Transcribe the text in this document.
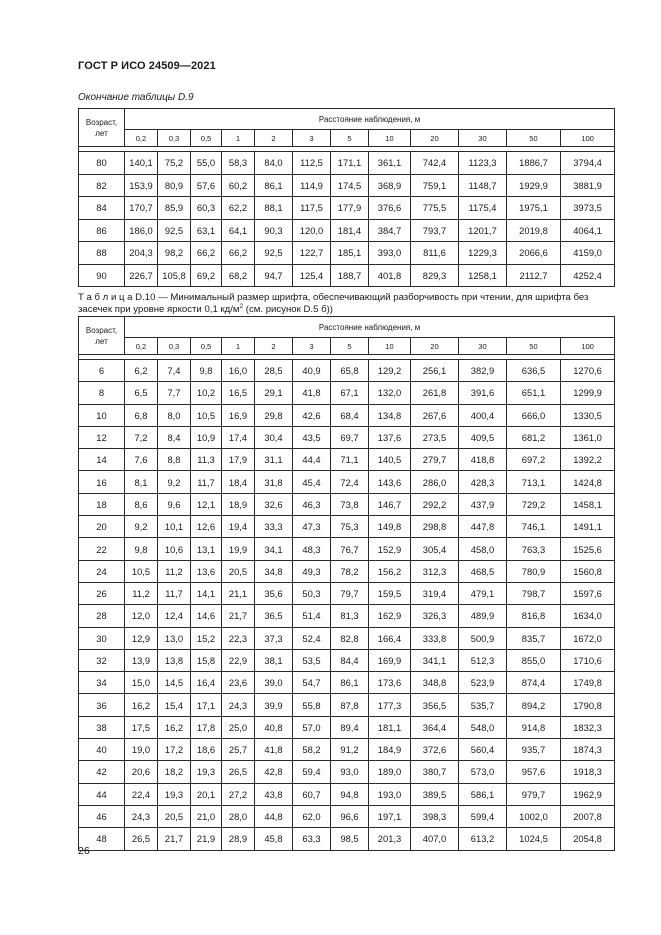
ГОСТ Р ИСО 24509—2021
Окончание таблицы D.9
Возраст,
лет	Расстояние наблюдения, м											
	0,2	0,3	0,5	1	2	3	5	10	20	30	50	100

80	140,1	75,2	55,0	58,3	84,0	112,5	171,1	361,1	742,4	1123,3	1886,7	3794,4
82	153,9	80,9	57,6	60,2	86,1	114,9	174,5	368,9	759,1	1148,7	1929,9	3881,9
84	170,7	85,9	60,3	62,2	88,1	117,5	177,9	376,6	775,5	1175,4	1975,1	3973,5
86	186,0	92,5	63,1	64,1	90,3	120,0	181,4	384,7	793,7	1201,7	2019,8	4064,1
88	204,3	98,2	66,2	66,2	92,5	122,7	185,1	393,0	811,6	1229,3	2066,6	4159,0
90	226,7	105,8	69,2	68,2	94,7	125,4	188,7	401,8	829,3	1258,1	2112,7	4252,4
Т а б л и ц а D.10 — Минимальный размер шрифта, обеспечивающий разборчивость при чтении, для шрифта без засечек при уровне яркости 0,1 $кд/м^2$ (см. рисунок D.5 б))
Возраст,
лет	Расстояние наблюдения, м											
	0,2	0,3	0,5	1	2	3	5	10	20	30	50	100

6	6,2	7,4	9,8	16,0	28,5	40,9	65,8	129,2	256,1	382,9	636,5	1270,6
8	6,5	7,7	10,2	16,5	29,1	41,8	67,1	132,0	261,8	391,6	651,1	1299,9
10	6,8	8,0	10,5	16,9	29,8	42,6	68,4	134,8	267,6	400,4	666,0	1330,5
12	7,2	8,4	10,9	17,4	30,4	43,5	69,7	137,6	273,5	409,5	681,2	1361,0
14	7,6	8,8	11,3	17,9	31,1	44,4	71,1	140,5	279,7	418,8	697,2	1392,2
16	8,1	9,2	11,7	18,4	31,8	45,4	72,4	143,6	286,0	428,3	713,1	1424,8
18	8,6	9,6	12,1	18,9	32,6	46,3	73,8	146,7	292,2	437,9	729,2	1458,1
20	9,2	10,1	12,6	19,4	33,3	47,3	75,3	149,8	298,8	447,8	746,1	1491,1
22	9,8	10,6	13,1	19,9	34,1	48,3	76,7	152,9	305,4	458,0	763,3	1525,6
24	10,5	11,2	13,6	20,5	34,8	49,3	78,2	156,2	312,3	468,5	780,9	1560,8
26	11,2	11,7	14,1	21,1	35,6	50,3	79,7	159,5	319,4	479,1	798,7	1597,6
28	12,0	12,4	14,6	21,7	36,5	51,4	81,3	162,9	326,3	489,9	816,8	1634,0
30	12,9	13,0	15,2	22,3	37,3	52,4	82,8	166,4	333,8	500,9	835,7	1672,0
32	13,9	13,8	15,8	22,9	38,1	53,5	84,4	169,9	341,1	512,3	855,0	1710,6
34	15,0	14,5	16,4	23,6	39,0	54,7	86,1	173,6	348,8	523,9	874,4	1749,8
36	16,2	15,4	17,1	24,3	39,9	55,8	87,8	177,3	356,5	535,7	894,2	1790,8
38	17,5	16,2	17,8	25,0	40,8	57,0	89,4	181,1	364,4	548,0	914,8	1832,3
40	19,0	17,2	18,6	25,7	41,8	58,2	91,2	184,9	372,6	560,4	935,7	1874,3
42	20,6	18,2	19,3	26,5	42,8	59,4	93,0	189,0	380,7	573,0	957,6	1918,3
44	22,4	19,3	20,1	27,2	43,8	60,7	94,8	193,0	389,5	586,1	979,7	1962,9
46	24,3	20,5	21,0	28,0	44,8	62,0	96,6	197,1	398,3	599,4	1002,0	2007,8
48	26,5	21,7	21,9	28,9	45,8	63,3	98,5	201,3	407,0	613,2	1024,5	2054,8
26
